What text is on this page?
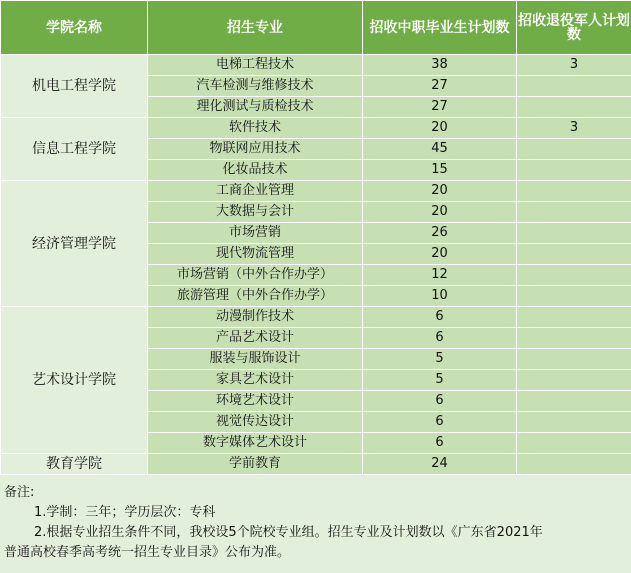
学院名称	招生专业	招收中职毕业生计划数	招收退役军人计划数
机电工程学院	电梯工程技术	38	3
	汽车检测与维修技术	27	
	理化测试与质检技术	27	
信息工程学院	软件技术	20	3
	物联网应用技术	45	
	化妆品技术	15	
经济管理学院	工商企业管理	20	
	大数据与会计	20	
	市场营销	26	
	现代物流管理	20	
	市场营销（中外合作办学）	12	
	旅游管理（中外合作办学）	10	
艺术设计学院	动漫制作技术	6	
	产品艺术设计	6	
	服装与服饰设计	5	
	家具艺术设计	5	
	环境艺术设计	6	
	视觉传达设计	6	
	数字媒体艺术设计	6	
教育学院	学前教育	24	
备注:
1.学制：三年；学历层次：专科
2.根据专业招生条件不同，我校设5个院校专业组。招生专业及计划数以《广东省2021年
普通高校春季高考统一招生专业目录》公布为准。
